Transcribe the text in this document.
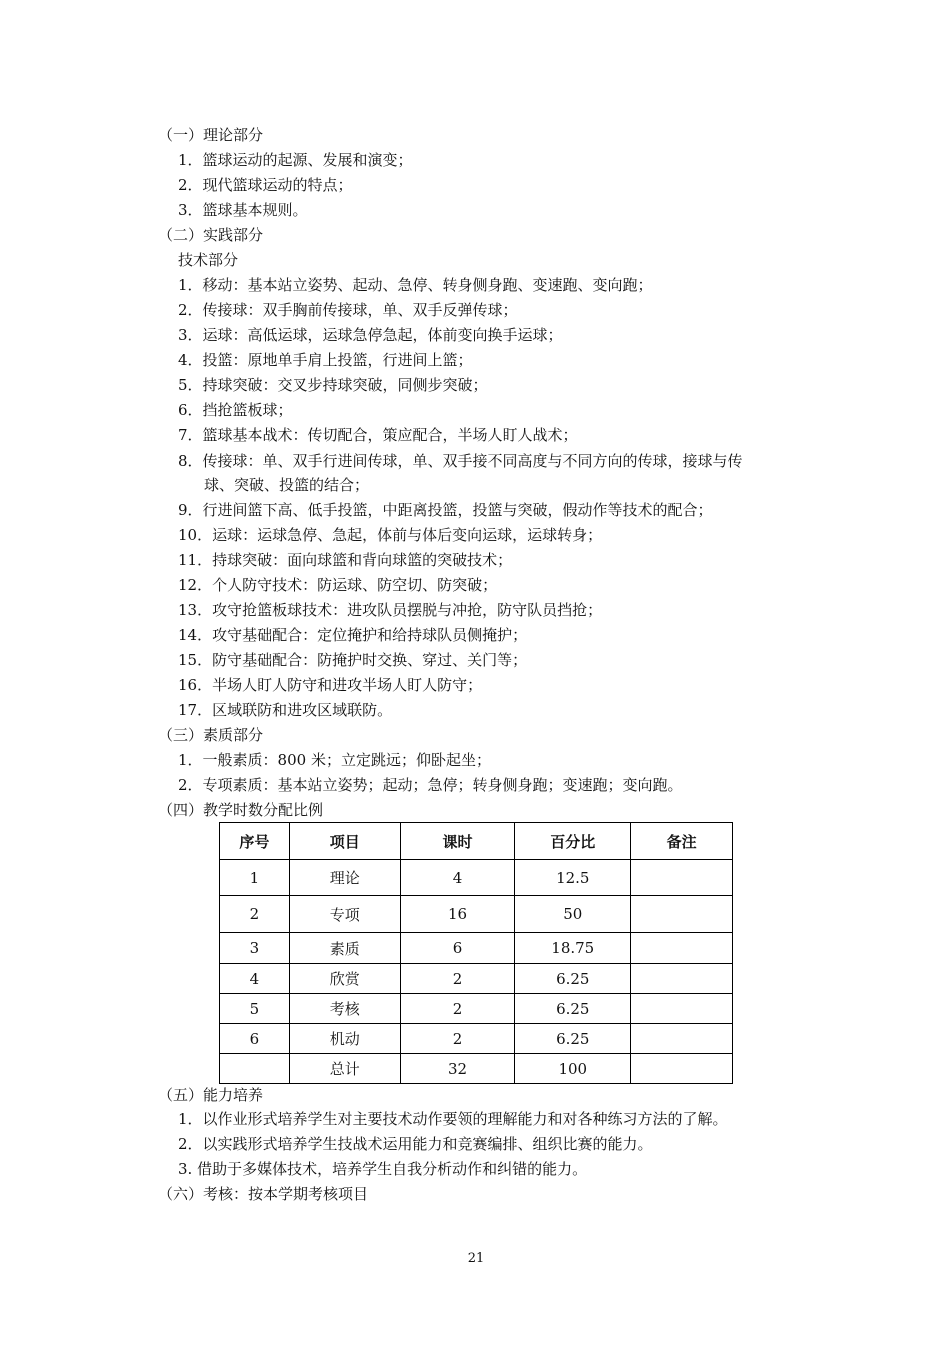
（一）理论部分
1．篮球运动的起源、发展和演变；
2．现代篮球运动的特点；
3．篮球基本规则。
（二）实践部分
技术部分
1．移动：基本站立姿势、起动、急停、转身侧身跑、变速跑、变向跑；
2．传接球：双手胸前传接球，单、双手反弹传球；
3．运球：高低运球，运球急停急起，体前变向换手运球；
4．投篮：原地单手肩上投篮，行进间上篮；
5．持球突破：交叉步持球突破，同侧步突破；
6．挡抢篮板球；
7．篮球基本战术：传切配合，策应配合，半场人盯人战术；
8．传接球：单、双手行进间传球，单、双手接不同高度与不同方向的传球，接球与传
球、突破、投篮的结合；
9．行进间篮下高、低手投篮，中距离投篮，投篮与突破，假动作等技术的配合；
10．运球：运球急停、急起，体前与体后变向运球，运球转身；
11．持球突破：面向球篮和背向球篮的突破技术；
12．个人防守技术：防运球、防空切、防突破；
13．攻守抢篮板球技术：进攻队员摆脱与冲抢，防守队员挡抢；
14．攻守基础配合：定位掩护和给持球队员侧掩护；
15．防守基础配合：防掩护时交换、穿过、关门等；
16．半场人盯人防守和进攻半场人盯人防守；
17．区域联防和进攻区域联防。
（三）素质部分
1．一般素质：800 米；立定跳远；仰卧起坐；
2．专项素质：基本站立姿势；起动；急停；转身侧身跑；变速跑；变向跑。
（四）教学时数分配比例
序号	项目	课时	百分比	备注
1	理论	4	12.5	
2	专项	16	50	
3	素质	6	18.75	
4	欣赏	2	6.25	
5	考核	2	6.25	
6	机动	2	6.25	
	总计	32	100	
（五）能力培养
1．以作业形式培养学生对主要技术动作要领的理解能力和对各种练习方法的了解。
2．以实践形式培养学生技战术运用能力和竞赛编排、组织比赛的能力。
3. 借助于多媒体技术，培养学生自我分析动作和纠错的能力。
（六）考核：按本学期考核项目
21
